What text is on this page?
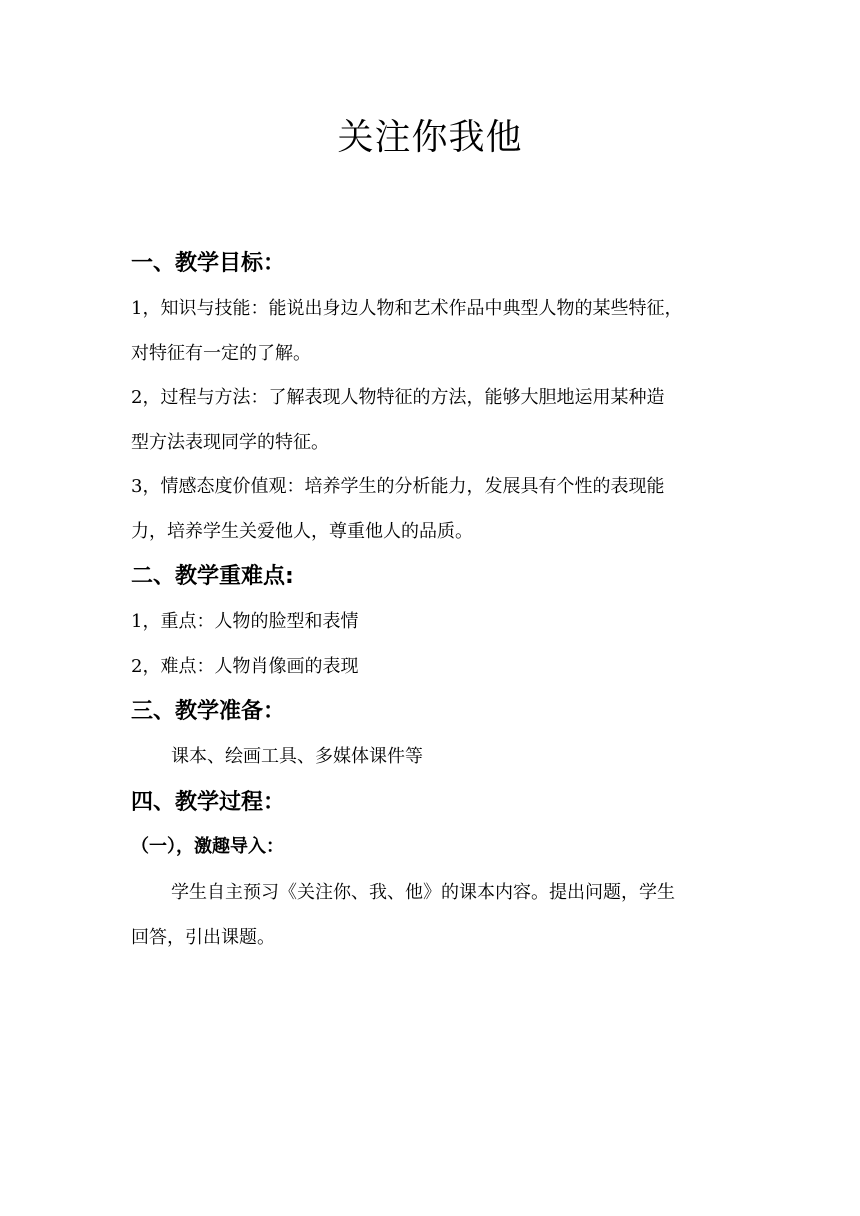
关注你我他
一、教学目标：
1，知识与技能：能说出身边人物和艺术作品中典型人物的某些特征，
对特征有一定的了解。
2，过程与方法：了解表现人物特征的方法，能够大胆地运用某种造
型方法表现同学的特征。
3，情感态度价值观：培养学生的分析能力，发展具有个性的表现能
力，培养学生关爱他人，尊重他人的品质。
二、教学重难点:
1，重点：人物的脸型和表情
2，难点：人物肖像画的表现
三、教学准备：
课本、绘画工具、多媒体课件等
四、教学过程：
（一），激趣导入：
学生自主预习《关注你、我、他》的课本内容。提出问题，学生
回答，引出课题。
